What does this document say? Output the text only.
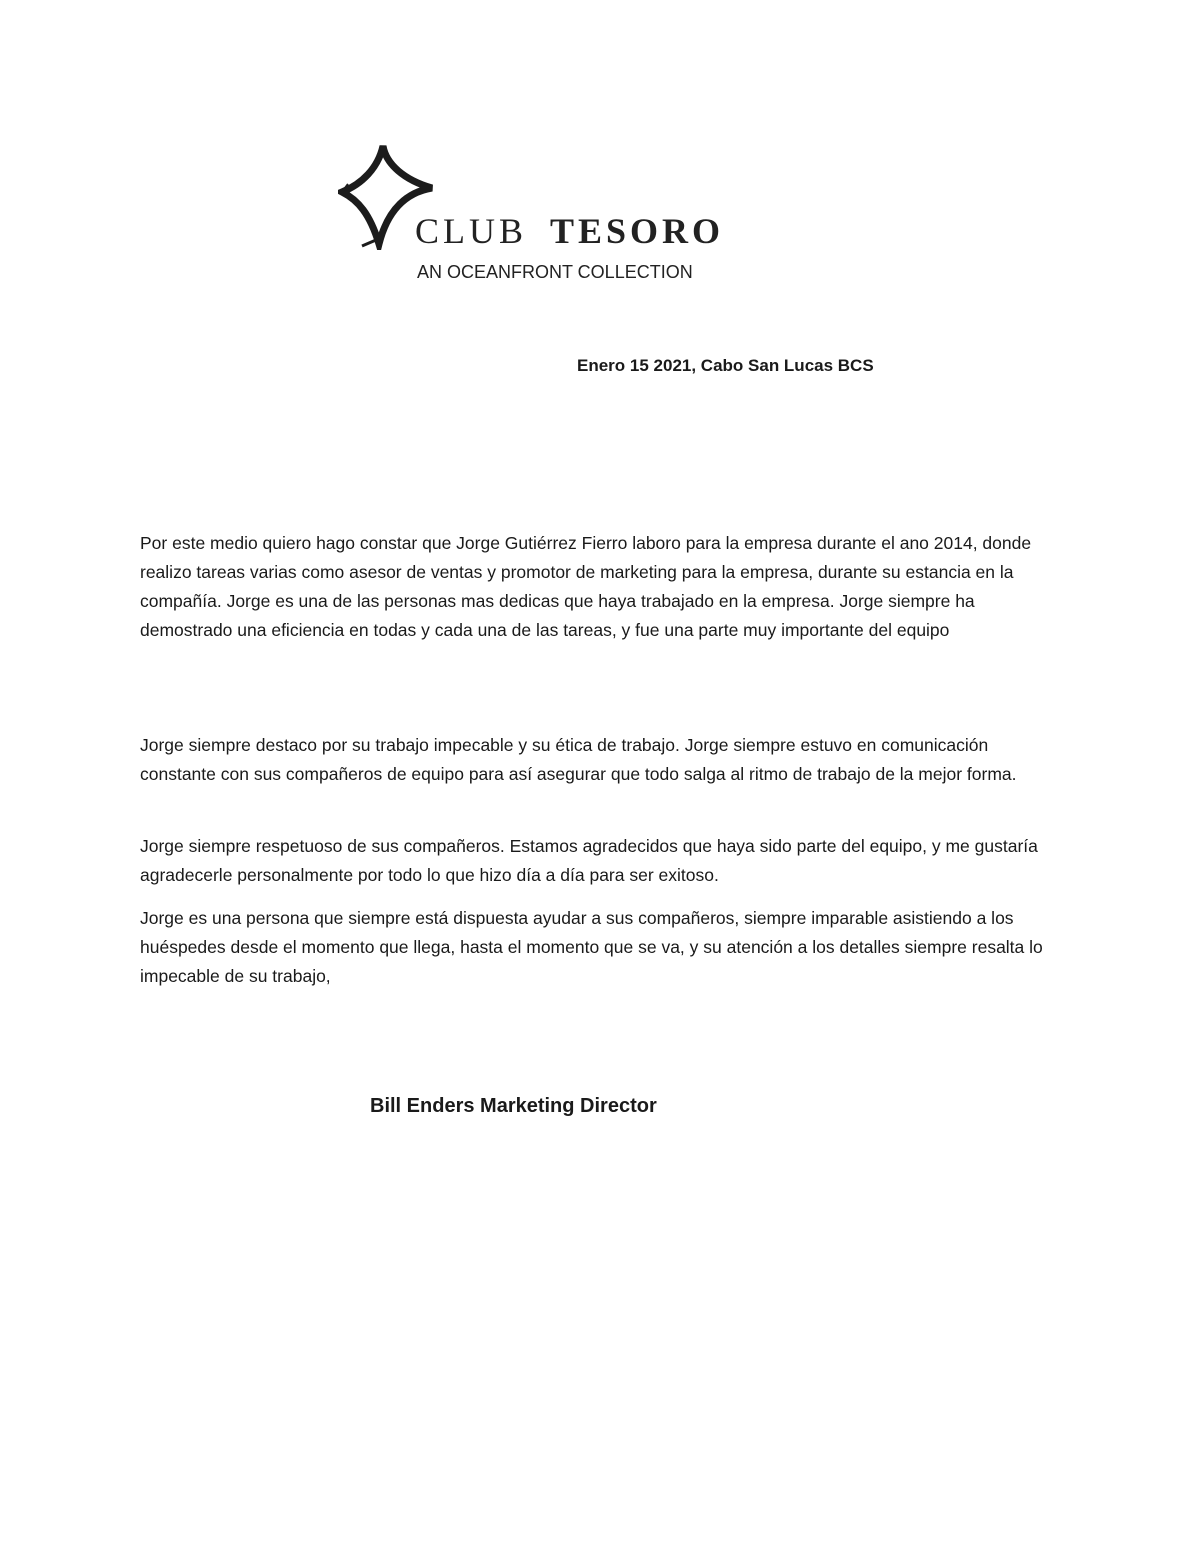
CLUB TESORO
AN OCEANFRONT COLLECTION
Enero 15 2021, Cabo San Lucas BCS

Por este medio quiero hago constar que Jorge Gutiérrez Fierro laboro para la empresa durante el ano 2014, donde realizo tareas varias como asesor de ventas y promotor de marketing para la empresa, durante su estancia en la compañía. Jorge es una de las personas mas dedicas que haya trabajado en la empresa. Jorge siempre ha demostrado una eficiencia en todas y cada una de las tareas, y fue una parte muy importante del equipo

Jorge siempre destaco por su trabajo impecable y su ética de trabajo. Jorge siempre estuvo en comunicación constante con sus compañeros de equipo para así asegurar que todo salga al ritmo de trabajo de la mejor forma.

Jorge siempre respetuoso de sus compañeros. Estamos agradecidos que haya sido parte del equipo, y me gustaría agradecerle personalmente por todo lo que hizo día a día para ser exitoso.

Jorge es una persona que siempre está dispuesta ayudar a sus compañeros, siempre imparable asistiendo a los huéspedes desde el momento que llega, hasta el momento que se va, y su atención a los detalles siempre resalta lo impecable de su trabajo,

Bill Enders Marketing Director
